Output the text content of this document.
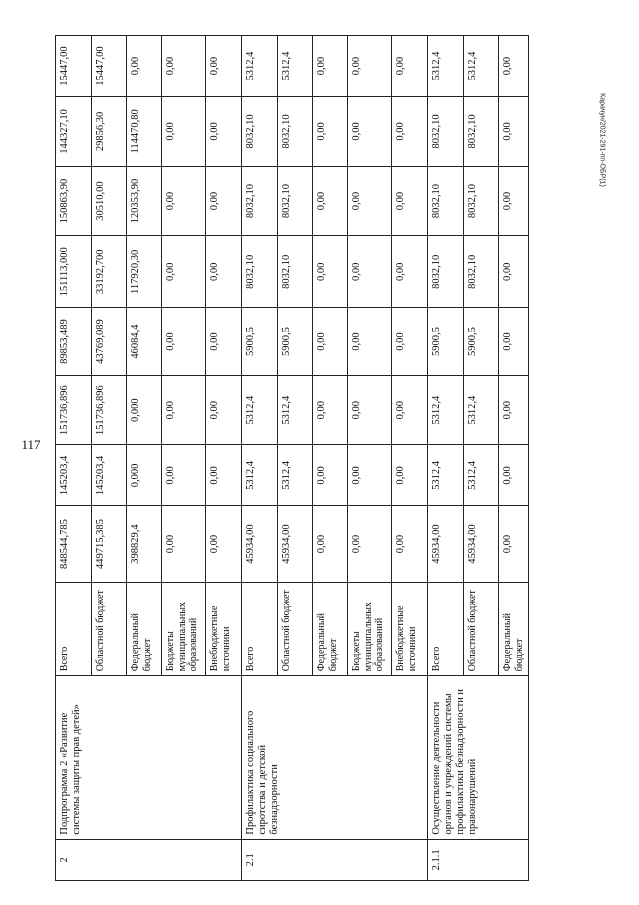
117
Карачун/2021-291-пп-ОБР(1)
2	Подпрограмма 2 «Развитие системы защиты прав детей»	Всего	848544,785	145203,4	151736,896	89853,489	151113,000	150863,90	144327,10	15447,00
		Областной бюджет	449715,385	145203,4	151736,896	43769,089	33192,700	30510,00	29856,30	15447,00
		Федеральный бюджет	398829,4	0,000	0,000	46084,4	117920,30	120353,90	114470,80	0,00
		Бюджеты муниципальных образований	0,00	0,00	0,00	0,00	0,00	0,00	0,00	0,00
		Внебюджетные источники	0,00	0,00	0,00	0,00	0,00	0,00	0,00	0,00
2.1	Профилактика социального сиротства и детской безнадзорности	Всего	45934,00	5312,4	5312,4	5900,5	8032,10	8032,10	8032,10	5312,4
		Областной бюджет	45934,00	5312,4	5312,4	5900,5	8032,10	8032,10	8032,10	5312,4
		Федеральный бюджет	0,00	0,00	0,00	0,00	0,00	0,00	0,00	0,00
		Бюджеты муниципальных образований	0,00	0,00	0,00	0,00	0,00	0,00	0,00	0,00
		Внебюджетные источники	0,00	0,00	0,00	0,00	0,00	0,00	0,00	0,00
2.1.1	Осуществление деятельности органов и учреждений системы профилактики безнадзорности и правонарушений	Всего	45934,00	5312,4	5312,4	5900,5	8032,10	8032,10	8032,10	5312,4
		Областной бюджет	45934,00	5312,4	5312,4	5900,5	8032,10	8032,10	8032,10	5312,4
		Федеральный бюджет	0,00	0,00	0,00	0,00	0,00	0,00	0,00	0,00
